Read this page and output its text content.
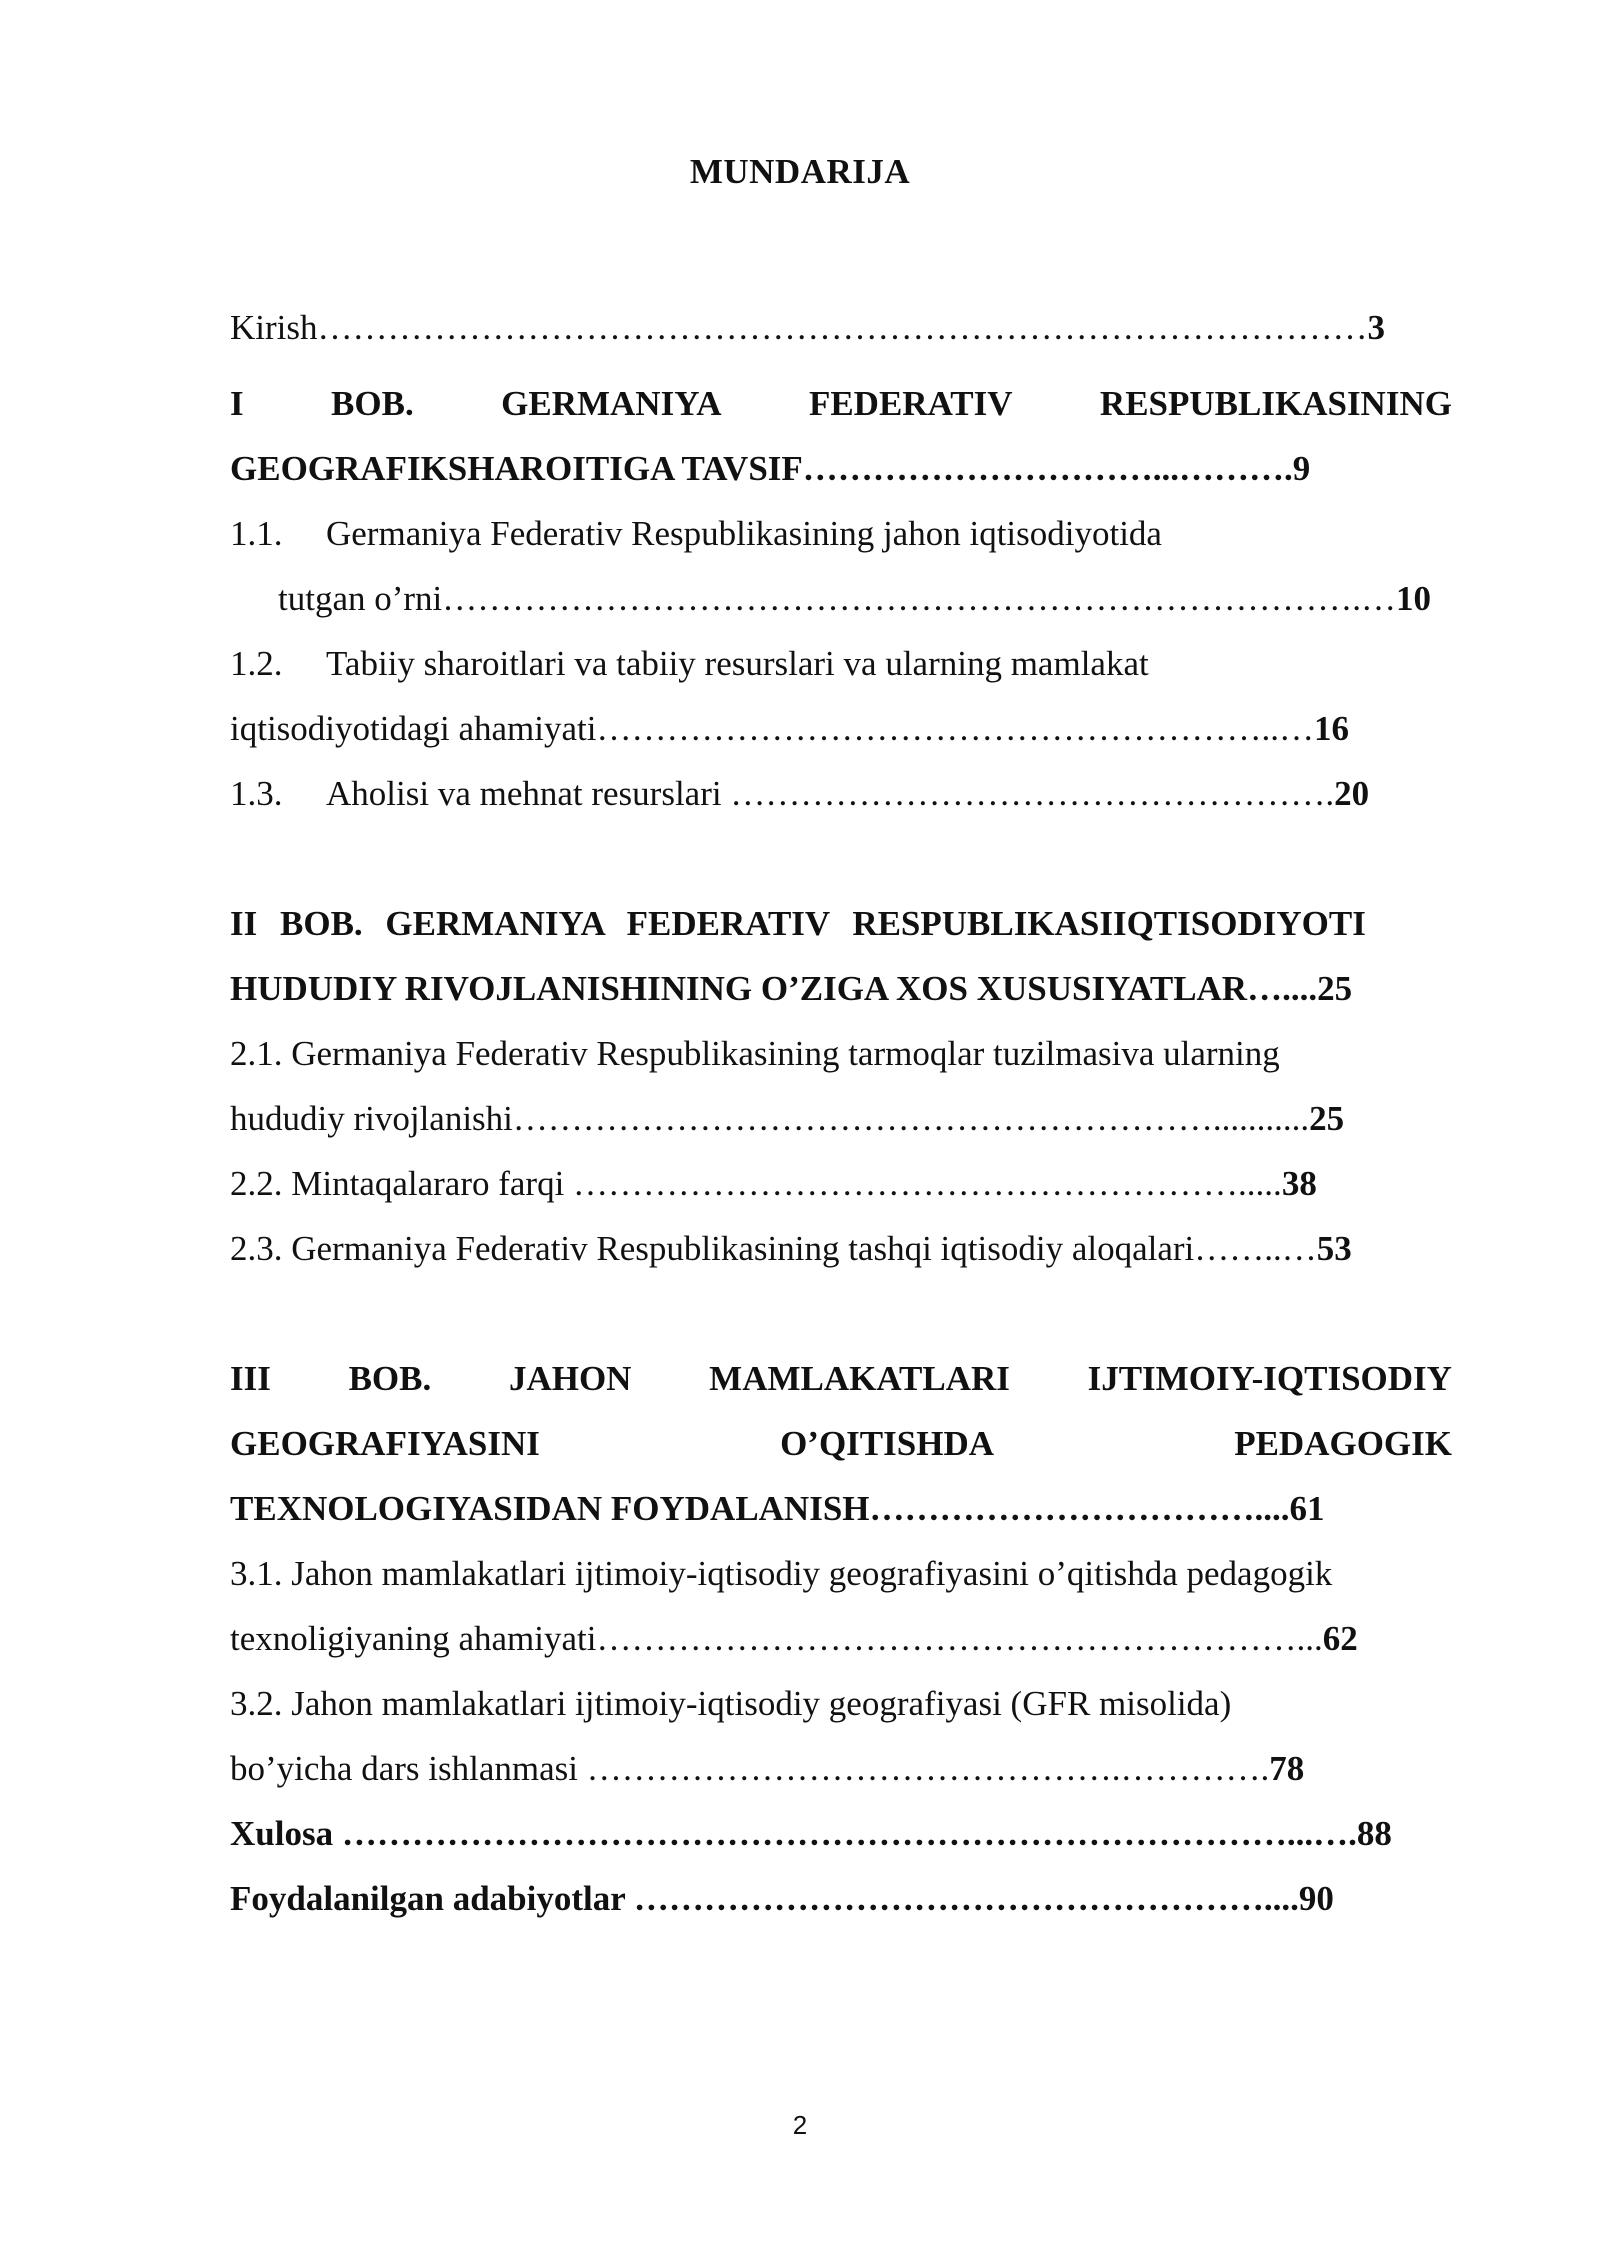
MUNDARIJA
Kirish………………………………………………………………………………3
I BOB. GERMANIYA FEDERATIV RESPUBLIKASINING
GEOGRAFIKSHAROITIGA TAVSIF…………………………...……….9
1.1. Germaniya Federativ Respublikasining jahon iqtisodiyotida
tutgan o’rni…………………………………………………………………….…10
1.2. Tabiiy sharoitlari va tabiiy resurslari va ularning mamlakat
iqtisodiyotidagi ahamiyati…………………………………………………..…16
1.3. Aholisi va mehnat resurslari …………………………………………….20
II BOB. GERMANIYA FEDERATIV RESPUBLIKASIIQTISODIYOTI
HUDUDIY RIVOJLANISHINING O’ZIGA XOS XUSUSIYATLAR…....25
2.1. Germaniya Federativ Respublikasining tarmoqlar tuzilmasiva ularning
hududiy rivojlanishi……………………………………………………...........25
2.2. Mintaqalararo farqi ………………………………………………….....38
2.3. Germaniya Federativ Respublikasining tashqi iqtisodiy aloqalari……..…53
III BOB. JAHON MAMLAKATLARI IJTIMOIY-IQTISODIY
GEOGRAFIYASINI	O’QITISHDA	PEDAGOGIK
TEXNOLOGIYASIDAN FOYDALANISH……………………………....61
3.1. Jahon mamlakatlari ijtimoiy-iqtisodiy geografiyasini o’qitishda pedagogik
texnoligiyaning ahamiyati……………………………………………………...62
3.2. Jahon mamlakatlari ijtimoiy-iqtisodiy geografiyasi (GFR misolida)
bo’yicha dars ishlanmasi ……………………………………….………….78
Xulosa ………………………………………………………………………...….88
Foydalanilgan adabiyotlar ………………………………………………....90
2
